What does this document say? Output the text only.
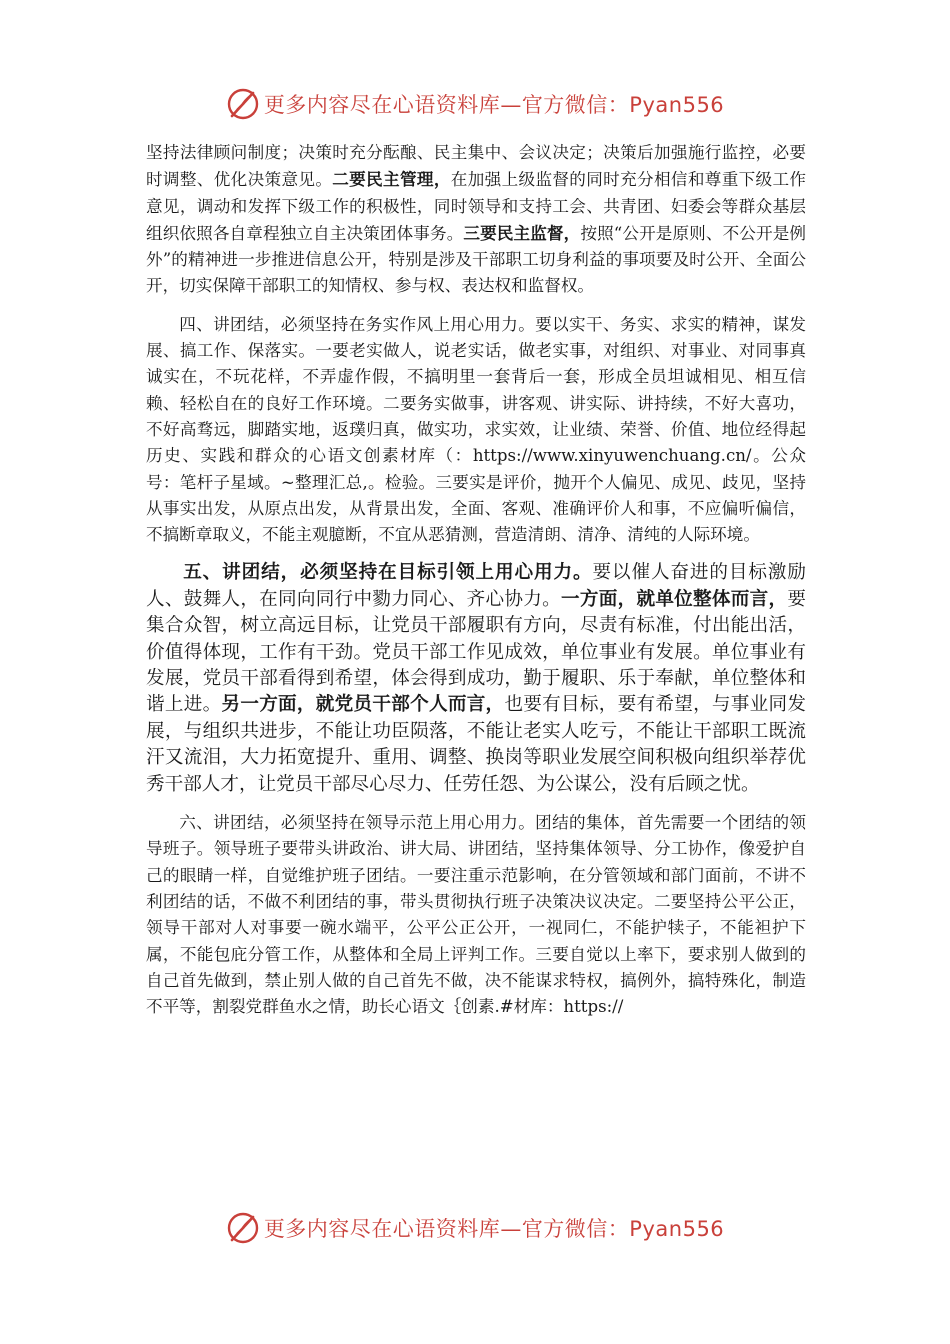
更多内容尽在心语资料库—官方微信：Pyan556

坚持法律顾问制度；决策时充分酝酿、民主集中、会议决定；决策后加强施行监控，必要时调整、优化决策意见。二要民主管理，在加强上级监督的同时充分相信和尊重下级工作意见，调动和发挥下级工作的积极性，同时领导和支持工会、共青团、妇委会等群众基层组织依照各自章程独立自主决策团体事务。三要民主监督，按照“公开是原则、不公开是例外”的精神进一步推进信息公开，特别是涉及干部职工切身利益的事项要及时公开、全面公开，切实保障干部职工的知情权、参与权、表达权和监督权。

四、讲团结，必须坚持在务实作风上用心用力。要以实干、务实、求实的精神，谋发展、搞工作、保落实。一要老实做人，说老实话，做老实事，对组织、对事业、对同事真诚实在，不玩花样，不弄虚作假，不搞明里一套背后一套，形成全员坦诚相见、相互信赖、轻松自在的良好工作环境。二要务实做事，讲客观、讲实际、讲持续，不好大喜功，不好高骛远，脚踏实地，返璞归真，做实功，求实效，让业绩、荣誉、价值、地位经得起历史、实践和群众的心语文创素材库（：https://www.xinyuwenchuang.cn/。公众号：笔杆子星域。~整理汇总,。检验。三要实是评价，抛开个人偏见、成见、歧见，坚持从事实出发，从原点出发，从背景出发，全面、客观、准确评价人和事，不应偏听偏信，不搞断章取义，不能主观臆断，不宜从恶猜测，营造清朗、清净、清纯的人际环境。

五、讲团结，必须坚持在目标引领上用心用力。要以催人奋进的目标激励人、鼓舞人，在同向同行中勠力同心、齐心协力。一方面，就单位整体而言，要集合众智，树立高远目标，让党员干部履职有方向，尽责有标准，付出能出活，价值得体现，工作有干劲。党员干部工作见成效，单位事业有发展。单位事业有发展，党员干部看得到希望，体会得到成功，勤于履职、乐于奉献，单位整体和谐上进。另一方面，就党员干部个人而言，也要有目标，要有希望，与事业同发展，与组织共进步，不能让功臣陨落，不能让老实人吃亏，不能让干部职工既流汗又流泪，大力拓宽提升、重用、调整、换岗等职业发展空间积极向组织举荐优秀干部人才，让党员干部尽心尽力、任劳任怨、为公谋公，没有后顾之忧。

六、讲团结，必须坚持在领导示范上用心用力。团结的集体，首先需要一个团结的领导班子。领导班子要带头讲政治、讲大局、讲团结，坚持集体领导、分工协作，像爱护自己的眼睛一样，自觉维护班子团结。一要注重示范影响，在分管领域和部门面前，不讲不利团结的话，不做不利团结的事，带头贯彻执行班子决策决议决定。二要坚持公平公正，领导干部对人对事要一碗水端平，公平公正公开，一视同仁，不能护犊子，不能袒护下属，不能包庇分管工作，从整体和全局上评判工作。三要自觉以上率下，要求别人做到的自己首先做到，禁止别人做的自己首先不做，决不能谋求特权，搞例外，搞特殊化，制造不平等，割裂党群鱼水之情，助长心语文｛创素.#材库：https://

更多内容尽在心语资料库—官方微信：Pyan556
